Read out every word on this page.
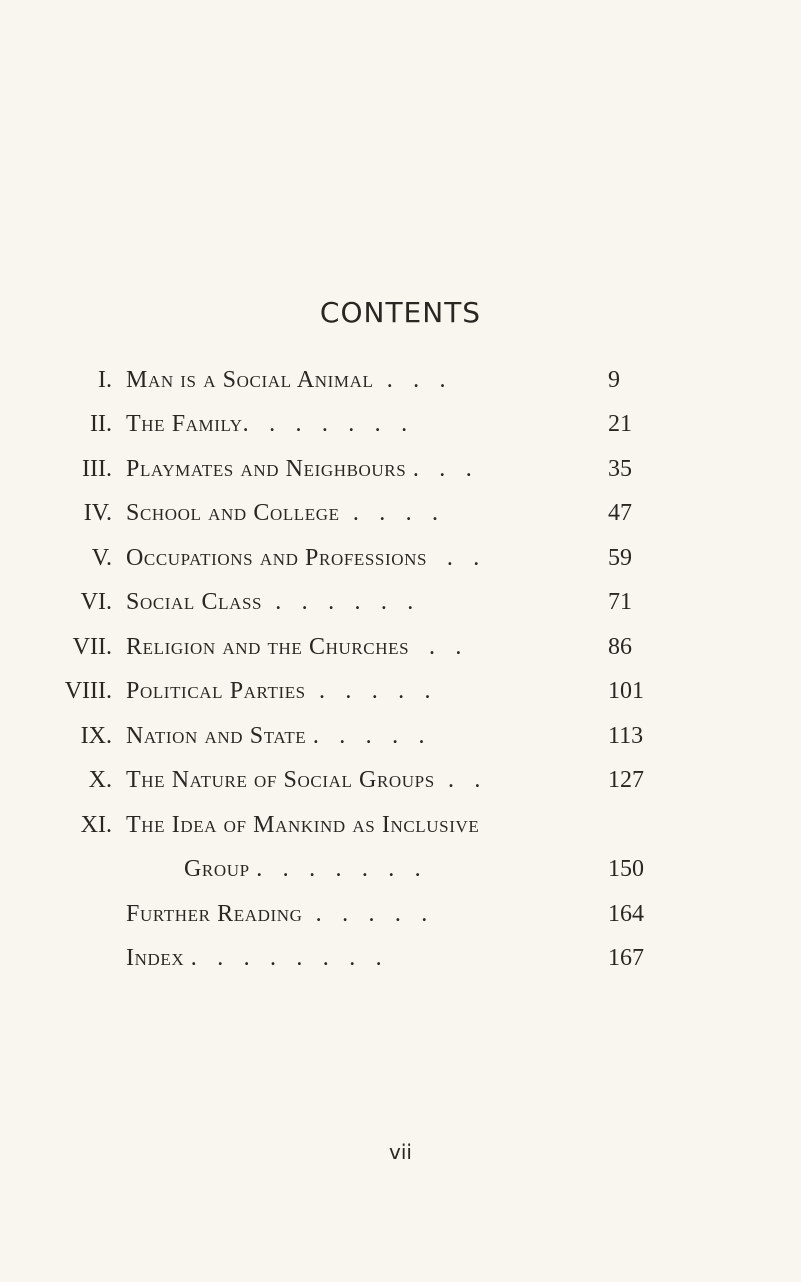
CONTENTS
I. Man is a Social Animal  .   .   .	9
II. The Family.   .   .   .   .   .   .	21
III. Playmates and Neighbours .   .   .	35
IV. School and College  .   .   .   .	47
V. Occupations and Professions   .   .	59
VI. Social Class  .   .   .   .   .   .	71
VII. Religion and the Churches   .   .	86
VIII. Political Parties  .   .   .   .   .	101
IX. Nation and State .   .   .   .   .	113
X. The Nature of Social Groups  .   .	127
XI. The Idea of Mankind as Inclusive
Group .   .   .   .   .   .   .	150
Further Reading  .   .   .   .   .	164
Index .   .   .   .   .   .   .   .	167
vii
